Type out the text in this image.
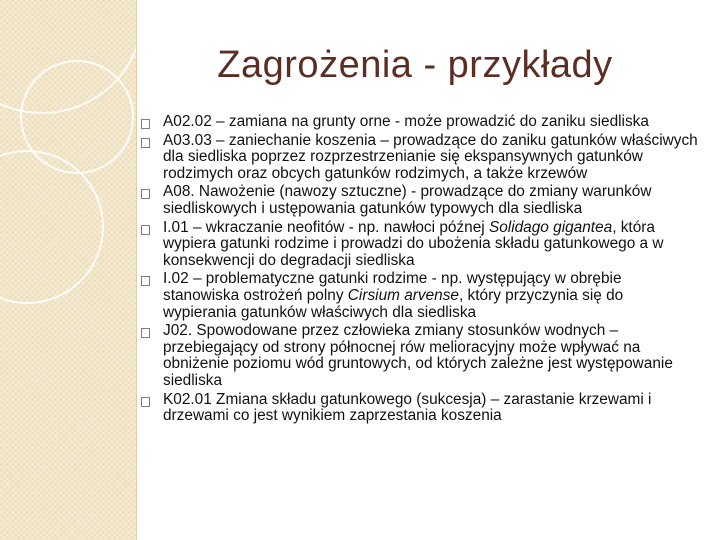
Zagrożenia - przykłady
A02.02 – zamiana na grunty orne - może prowadzić do zaniku siedliska
A03.03 – zaniechanie koszenia – prowadzące do zaniku gatunków właściwych dla siedliska poprzez rozprzestrzenianie się ekspansywnych gatunków rodzimych oraz obcych gatunków rodzimych, a także krzewów
A08. Nawożenie (nawozy sztuczne) - prowadzące do zmiany warunków siedliskowych i ustępowania gatunków typowych dla siedliska
I.01 – wkraczanie neofitów - np. nawłoci późnej Solidago gigantea, która wypiera gatunki rodzime i prowadzi do ubożenia składu gatunkowego a w konsekwencji do degradacji siedliska
I.02 – problematyczne gatunki rodzime - np. występujący w obrębie stanowiska ostrożeń polny Cirsium arvense, który przyczynia się do wypierania gatunków właściwych dla siedliska
J02. Spowodowane przez człowieka zmiany stosunków wodnych – przebiegający od strony północnej rów melioracyjny może wpływać na obniżenie poziomu wód gruntowych, od których zależne jest występowanie siedliska
K02.01 Zmiana składu gatunkowego (sukcesja) – zarastanie krzewami i drzewami co jest wynikiem zaprzestania koszenia
